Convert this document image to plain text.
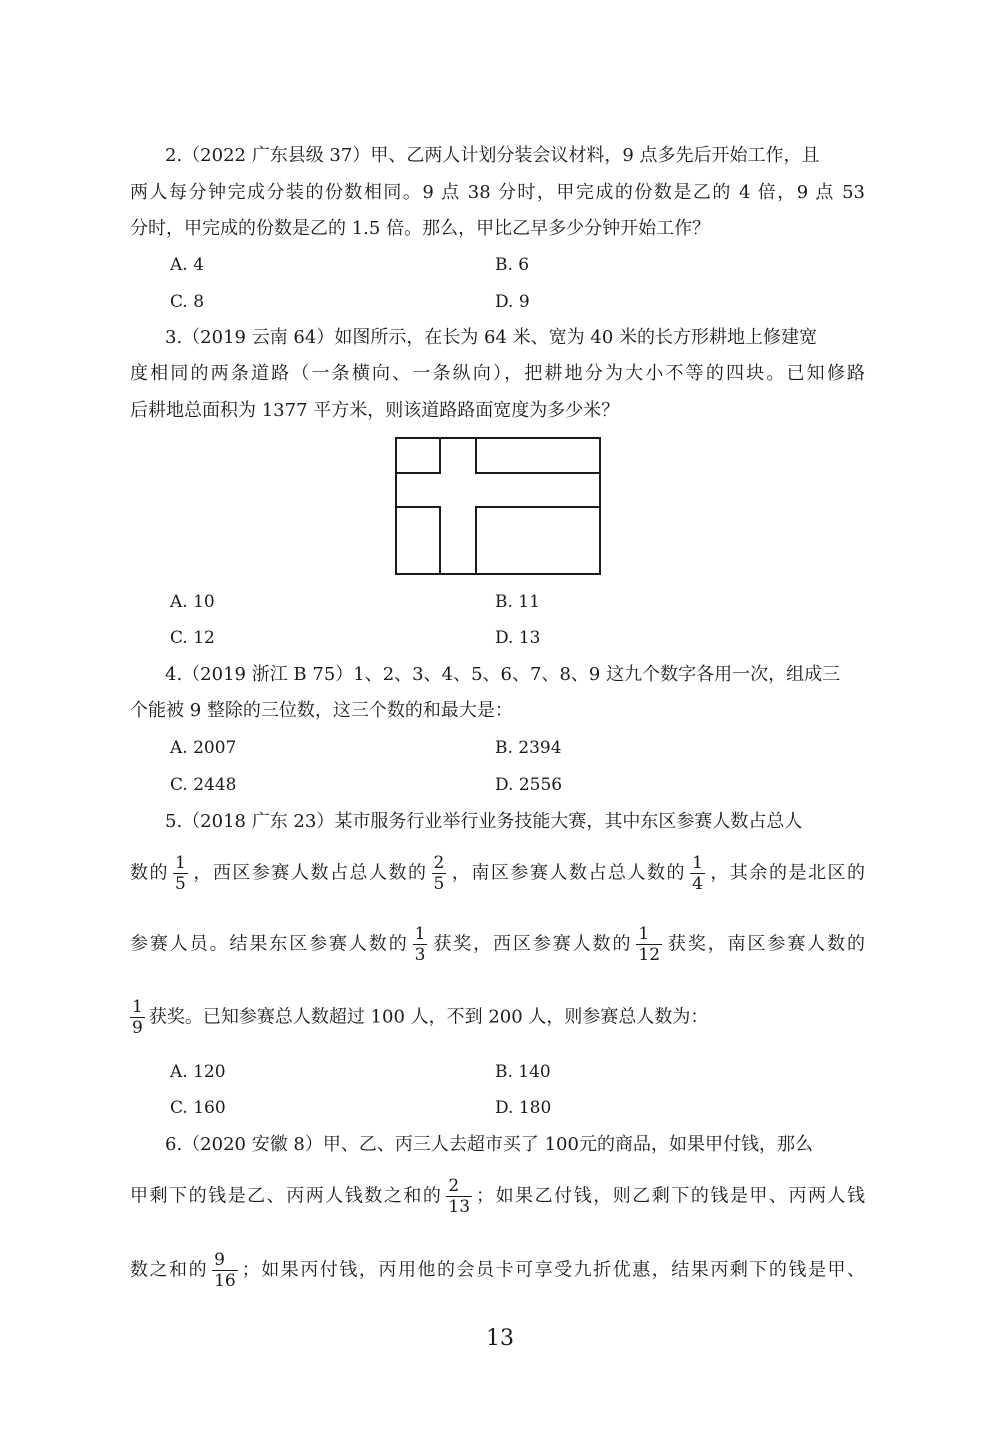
2.（2022 广东县级 37）甲、乙两人计划分装会议材料，9 点多先后开始工作，且
两人每分钟完成分装的份数相同。9 点 38 分时，甲完成的份数是乙的 4 倍，9 点 53
分时，甲完成的份数是乙的 1.5 倍。那么，甲比乙早多少分钟开始工作？
A. 4	B. 6
C. 8	D. 9
3.（2019 云南 64）如图所示，在长为 64 米、宽为 40 米的长方形耕地上修建宽
度相同的两条道路（一条横向、一条纵向），把耕地分为大小不等的四块。已知修路
后耕地总面积为 1377 平方米，则该道路路面宽度为多少米？
A. 10	B. 11
C. 12	D. 13
4.（2019 浙江 B 75）1、2、3、4、5、6、7、8、9 这九个数字各用一次，组成三
个能被 9 整除的三位数，这三个数的和最大是：
A. 2007	B. 2394
C. 2448	D. 2556
5.（2018 广东 23）某市服务行业举行业务技能大赛，其中东区参赛人数占总人
数的 $\frac{1}{5}$ ，西区参赛人数占总人数的 $\frac{2}{5}$ ，南区参赛人数占总人数的 $\frac{1}{4}$ ，其余的是北区的
参赛人员。结果东区参赛人数的 $\frac{1}{3}$ 获奖，西区参赛人数的 $\frac{1}{12}$ 获奖，南区参赛人数的
$\frac{1}{9}$ 获奖。已知参赛总人数超过 100 人，不到 200 人，则参赛总人数为：
A. 120	B. 140
C. 160	D. 180
6.（2020 安徽 8）甲、乙、丙三人去超市买了 100元的商品，如果甲付钱，那么
甲剩下的钱是乙、丙两人钱数之和的 $\frac{2}{13}$ ；如果乙付钱，则乙剩下的钱是甲、丙两人钱
数之和的 $\frac{9}{16}$ ；如果丙付钱，丙用他的会员卡可享受九折优惠，结果丙剩下的钱是甲、
13
